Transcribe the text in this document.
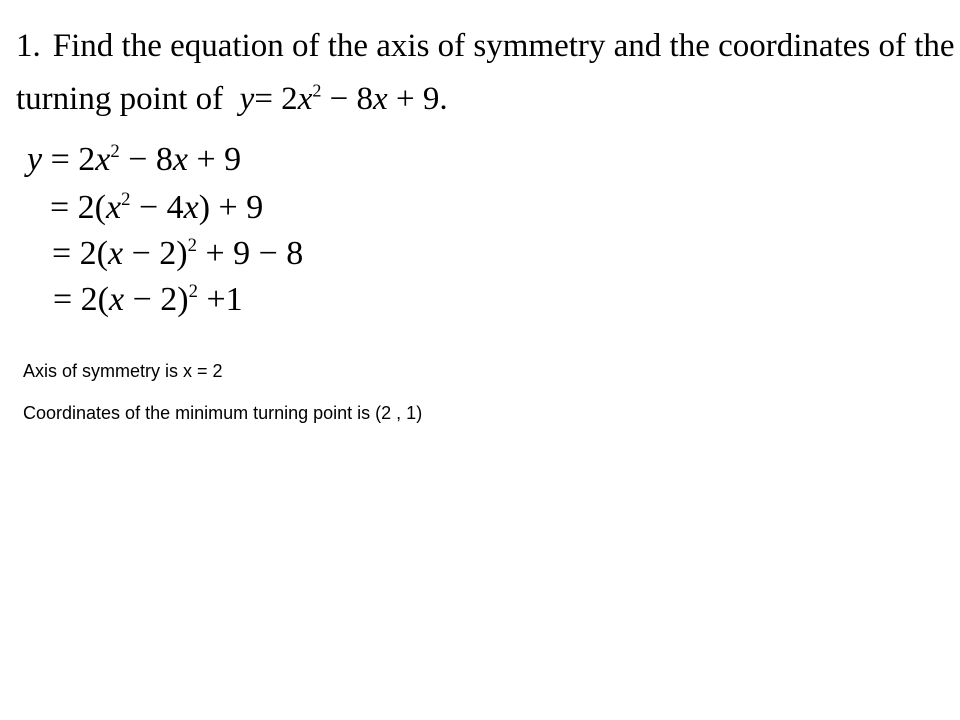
1. Find the equation of the axis of symmetry and the coordinates of the
turning point of $y= 2x^2 - 8x + 9$.
$y = 2x^2 - 8x + 9$
= $2(x^2 - 4x) + 9$
= $2(x - 2)^2 + 9 - 8$
= $2(x - 2)^2 +1$
Axis of symmetry is x = 2
Coordinates of the minimum turning point is (2 , 1)
